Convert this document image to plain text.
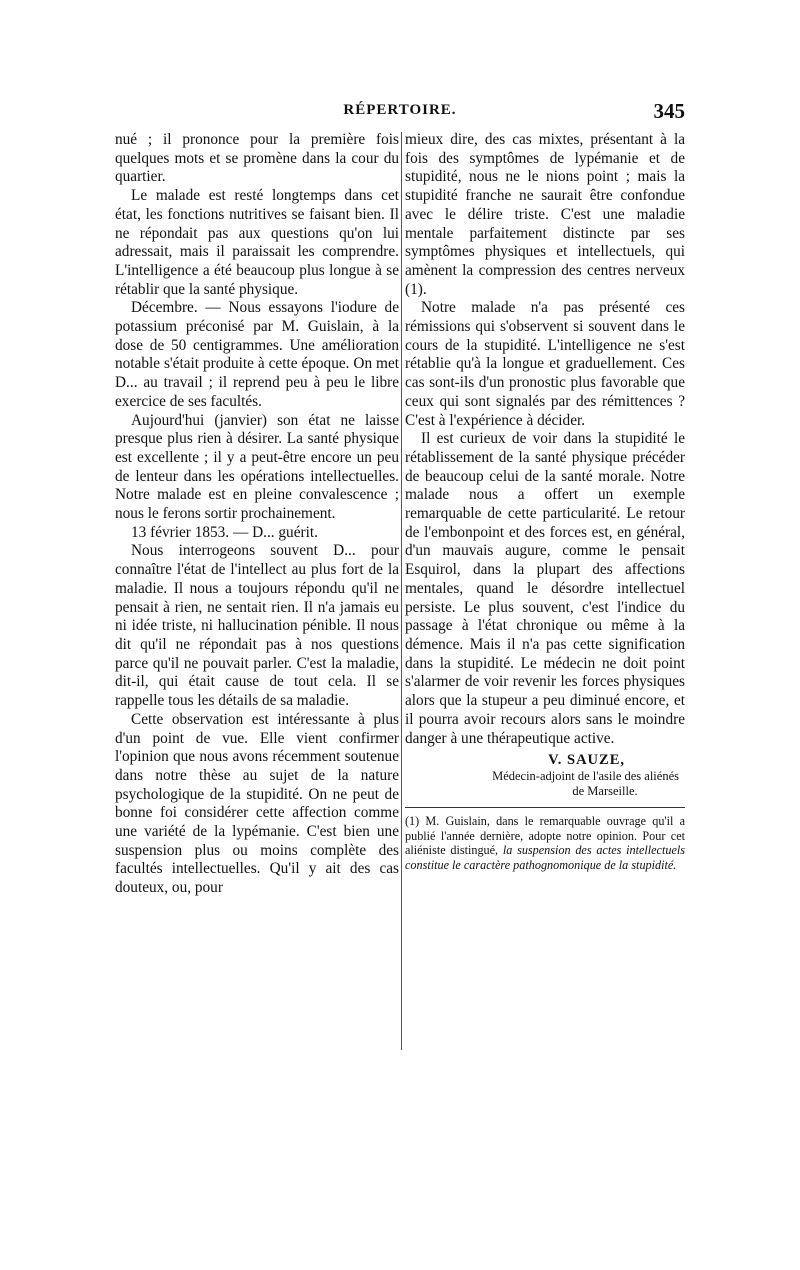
RÉPERTOIRE.	345

nué ; il prononce pour la première fois quelques mots et se promène dans la cour du quartier.

Le malade est resté longtemps dans cet état, les fonctions nutritives se faisant bien. Il ne répondait pas aux questions qu'on lui adressait, mais il paraissait les comprendre. L'intelligence a été beaucoup plus longue à se rétablir que la santé physique.

Décembre. — Nous essayons l'iodure de potassium préconisé par M. Guislain, à la dose de 50 centigrammes. Une amélioration notable s'était produite à cette époque. On met D... au travail ; il reprend peu à peu le libre exercice de ses facultés.

Aujourd'hui (janvier) son état ne laisse presque plus rien à désirer. La santé physique est excellente ; il y a peut-être encore un peu de lenteur dans les opérations intellectuelles. Notre malade est en pleine convalescence ; nous le ferons sortir prochainement.

13 février 1853. — D... guérit.

Nous interrogeons souvent D... pour connaître l'état de l'intellect au plus fort de la maladie. Il nous a toujours répondu qu'il ne pensait à rien, ne sentait rien. Il n'a jamais eu ni idée triste, ni hallucination pénible. Il nous dit qu'il ne répondait pas à nos questions parce qu'il ne pouvait parler. C'est la maladie, dit-il, qui était cause de tout cela. Il se rappelle tous les détails de sa maladie.

Cette observation est intéressante à plus d'un point de vue. Elle vient confirmer l'opinion que nous avons récemment soutenue dans notre thèse au sujet de la nature psychologique de la stupidité. On ne peut de bonne foi considérer cette affection comme une variété de la lypémanie. C'est bien une suspension plus ou moins complète des facultés intellectuelles. Qu'il y ait des cas douteux, ou, pour

mieux dire, des cas mixtes, présentant à la fois des symptômes de lypémanie et de stupidité, nous ne le nions point ; mais la stupidité franche ne saurait être confondue avec le délire triste. C'est une maladie mentale parfaitement distincte par ses symptômes physiques et intellectuels, qui amènent la compression des centres nerveux (1).

Notre malade n'a pas présenté ces rémissions qui s'observent si souvent dans le cours de la stupidité. L'intelligence ne s'est rétablie qu'à la longue et graduellement. Ces cas sont-ils d'un pronostic plus favorable que ceux qui sont signalés par des rémittences ? C'est à l'expérience à décider.

Il est curieux de voir dans la stupidité le rétablissement de la santé physique précéder de beaucoup celui de la santé morale. Notre malade nous a offert un exemple remarquable de cette particularité. Le retour de l'embonpoint et des forces est, en général, d'un mauvais augure, comme le pensait Esquirol, dans la plupart des affections mentales, quand le désordre intellectuel persiste. Le plus souvent, c'est l'indice du passage à l'état chronique ou même à la démence. Mais il n'a pas cette signification dans la stupidité. Le médecin ne doit point s'alarmer de voir revenir les forces physiques alors que la stupeur a peu diminué encore, et il pourra avoir recours alors sans le moindre danger à une thérapeutique active.

V. SAUZE,
Médecin-adjoint de l'asile des aliénés
de Marseille.
(1) M. Guislain, dans le remarquable ouvrage qu'il a publié l'année dernière, adopte notre opinion. Pour cet aliéniste distingué, la suspension des actes intellectuels constitue le caractère pathognomonique de la stupidité.
